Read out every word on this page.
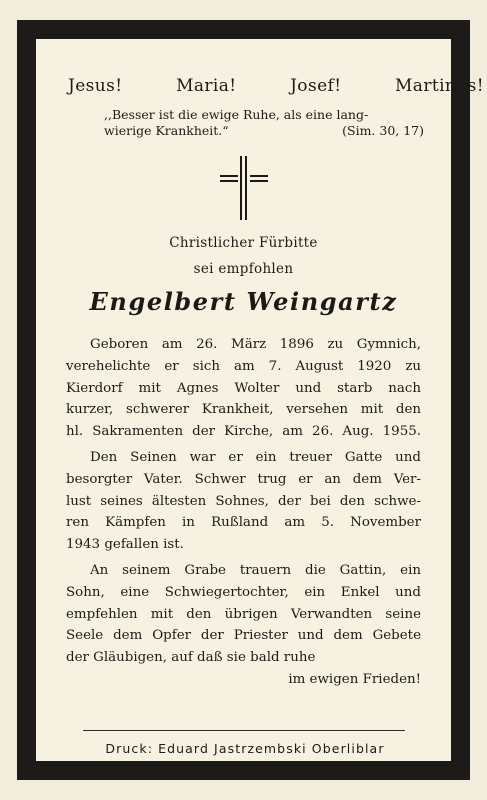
Jesus!	Maria!	Josef!	Martinus!
,,Besser ist die ewige Ruhe, als eine lang-
wierige Krankheit.“	(Sim. 30, 17)
Christlicher Fürbitte
sei empfohlen
Engelbert Weingartz
Geboren am 26. März 1896 zu Gymnich,
verehelichte er sich am 7. August 1920 zu
Kierdorf mit Agnes Wolter und starb nach
kurzer, schwerer Krankheit, versehen mit den
hl. Sakramenten der Kirche, am 26. Aug. 1955.
Den Seinen war er ein treuer Gatte und
besorgter Vater. Schwer trug er an dem Ver-
lust seines ältesten Sohnes, der bei den schwe-
ren Kämpfen in Rußland am 5. November
1943 gefallen ist.
An seinem Grabe trauern die Gattin, ein
Sohn, eine Schwiegertochter, ein Enkel und
empfehlen mit den übrigen Verwandten seine
Seele dem Opfer der Priester und dem Gebete
der Gläubigen, auf daß sie bald ruhe
im ewigen Frieden!
Druck: Eduard Jastrzembski Oberliblar
